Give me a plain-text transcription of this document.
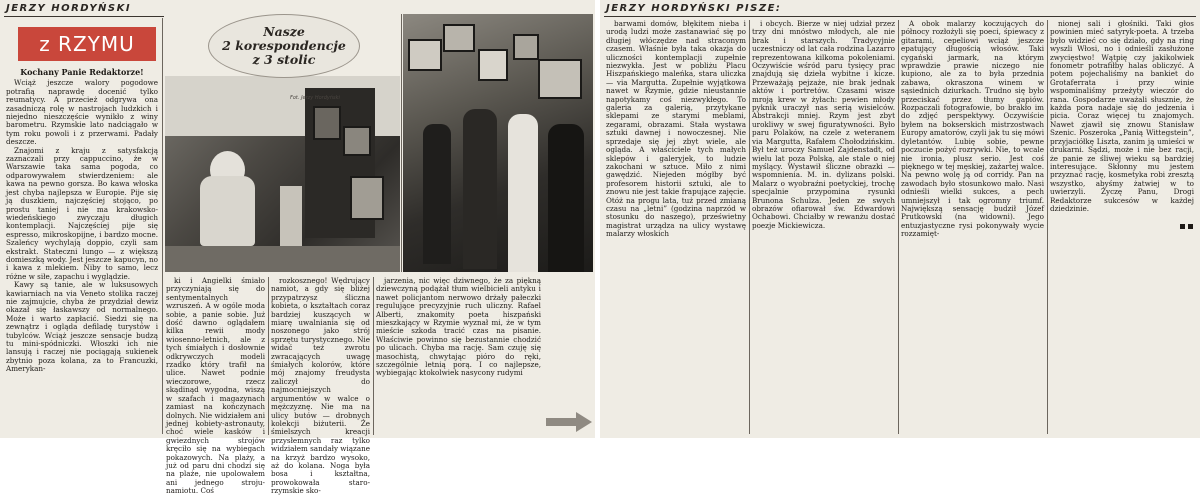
JERZY HORDYŃSKI
z RZYMU
Kochany Panie Redaktorze!

Wciąż jeszcze walory pogodowe potrafią naprawdę docenić tylko reumatycy. A przecież odgrywa ona zasadniczą rolę w nastrojach ludzkich i niejedno nieszczęście wynikło z winy barometru. Rzymskie lato nadciągało w tym roku powoli i z przerwami. Padały deszcze.

Znajomi z kraju z satysfakcją zaznaczali przy cappuccino, że w Warszawie taka sama pogoda, co odparowywałem stwierdzeniem: ale kawa na pewno gorsza. Bo kawa włoska jest chyba najlepsza w Europie. Pije się ją duszkiem, najczęściej stojąco, po prostu taniej i nie ma krakowsko-wiedeńskiego zwyczaju długich kontemplacji. Najczęściej pije się espresso, mikroskopijne, i bardzo mocne. Szaleńcy wychylają doppio, czyli sam ekstrakt. Stateczni lungo — z większą domieszką wody. Jest jeszcze kapucyn, no i kawa z mlekiem. Niby to samo, lecz różne w siłe, zapachu i wyglądzie.

Kawy są tanie, ale w luksusowych kawiarniach na via Veneto stolika raczej nie zajmujcie, chyba że przydział dewiz okazał się łaskawszy od normalnego. Może i warto zapłacić. Siedzi się na zewnątrz i ogląda defiladę turystów i tubylców. Wciąż jeszcze sensacje budzą tu mini-spódniczki. Włoszki ich nie lansują i raczej nie pociągają sukienek zbytnio poza kolana, za to Francuzki, Amerykan-

Fot. Jerzy Hordyński
Nasze
2 korespondencje
z 3 stolic

ki i Angielki śmiało przyczyniają się do sentymentalnych wzruszeń. A w ogóle moda sobie, a panie sobie. Już dość dawno oglądałem kilka rewii mody wiosenno-letnich, ale z tych śmiałych i dosłownie odkrywczych modeli rzadko który trafił na ulice. Nawet podnie wieczorowe, rzecz skądinąd wygodna, wiszą w szafach i magazynach zamiast na kończynach dolnych. Nie widziałem ani jednej kobiety-astronauty, choć wiele kasków i gwiezdnych strojów kręciło się na wybiegach pokazowych. Na plaży, a już od paru dni chodzi się na plaże, nie upolowałem ani jednego stroju-namiotu. Coś

rozkosznego! Wędrujący namiot, a gdy się bliżej przypatrzysz śliczna kobieta, o kształtach coraz bardziej kuszących w miarę uwalniania się od noszonego jako strój sprzętu turystycznego. Nie widać też zwrotu zwracających uwagę śmiałych kolorów, które mój znajomy freudysta zaliczył do najmocniejszych argumentów w walce o mężczyznę. Nie ma na ulicy butów — drobnych kolekcji biżuterii. Że śmielszych kreacji przysłemnych raz tylko widziałem sandały wiązane na krzyż bardzo wysoko, aż do kolana. Noga była bosa i kształtna, prowokowała starorzymskie sko-

jarzenia, nic więc dziwnego, że za piękną dziewczyną podążał tłum wielbicieli antyku i nawet policjantom nerwowo drżały pałeczki regulujące precyzyjnie ruch uliczny. Rafael Alberti, znakomity poeta hiszpański mieszkający w Rzymie wyznał mi, że w tym mieście szkoda tracić czas na pisanie. Właściwie powinno się bezustannie chodzić po ulicach. Chyba ma rację. Sam czuję się masochistą, chwytając pióro do ręki, szczególnie letnią porą. I co najlepsze, wybiegając ktokolwiek nasycony rudymi

JERZY HORDYŃSKI PISZE:

barwami domów, błękitem nieba i urodą ludzi może zastanawiać się po długiej włóczędze nad straconym czasem. Właśnie była taka okazja do uliczności kontemplacji zupełnie niezwykła. Jest w pobliżu Placu Hiszpańskiego maleńka, stara uliczka — via Margutta. Zupełnie wyjątkowa nawet w Rzymie, gdzie nieustannie napotykamy coś niezwykłego. To galeria za galerią, przytykane sklepami ze starymi meblami, zegarami, obrazami. Stała wystawa sztuki dawnej i nowoczesnej. Nie sprzedaje się jej zbyt wiele, ale ogląda. A właściciele tych małych sklepów i galeryjek, to ludzie zakochani w sztuce. Miło z nimi gawędzić. Niejeden mógłby być profesorem historii sztuki, ale to znowu nie jest takie frapujące zajęcie. Otóż na progu lata, tuż przed zmianą czasu na „letni” (godzina naprzód w stosunku do naszego), prześwietny magistrat urządza na ulicy wystawę malarzy włoskich

i obcych. Bierze w niej udział przez trzy dni mnóstwo młodych, ale nie brak i starszych. Tradycyjnie uczestniczy od lat cała rodzina Lazarro reprezentowana kilkoma pokoleniami. Oczywiście wśród paru tysięcy prac znajdują się dzieła wybitne i kicze. Przeważają pejzaże, nie brak jednak aktów i portretów. Czasami wisze mroją krew w żyłach: pewien młody pyknik uraczył nas serią wisielców. Abstrakcji mniej. Rzym jest zbyt urokliwy w swej figuratywności. Było paru Polaków, na czele z weteranem via Margutta, Rafałem Chołodzińskim. Był też uroczy Samuel Zajdenstadt, od wielu lat poza Polską, ale stale o niej myślący. Wystawił śliczne obrazki — wspomnienia. M. in. dylizans polski. Malarz o wyobraźni poetyckiej, trochę specjalnie przypomina rysunki Brunona Schulza. Jeden ze swych obrazów ofiarował św. Edwardowi Ochabowi. Chciałby w rewanżu dostać poezje Mickiewicza.

A obok malarzy koczujących do północy rozłożyli się poeci, śpiewacy z gitarami, cepeliowi wciąż jeszcze epatujący długością włosów. Taki cygański jarmark, na którym wprawdzie prawie niczego nie kupiono, ale za to była przednia zabawa, okraszona winem w sąsiednich dziurkach. Trudno się było przeciskać przez tłumy gapiów. Rozpaczali fotografowie, bo brakło im do zdjęć perspektywy. Oczywiście byłem na bokserskich mistrzostwach Europy amatorów, czyli jak tu się mówi dyletantów. Lubię sobie, pewne poczucie pożyć rozrywki. Nie, to wcale nie ironia, plusz serio. Jest coś pięknego w tej męskiej, zażartej walce. Na pewno wolę ją od corridy. Pan na zawodach było stosunkowo mało. Nasi odnieśli wielki sukces, a pech umniejszył i tak ogromny triumf. Największą sensację budził Józef Prutkowski (na widowni). Jego entuzjastyczne rysi pokonywały wycie rozzamięt-

nionej sali i głośniki. Taki głos powinien mieć satyryk-poeta. A trzeba było widzieć co się działo, gdy na ring wyszli Włosi, no i odnieśli zasłużone zwycięstwo! Wątpię czy jakikolwiek fonometr potrafiłby halas obliczyć. A potem pojechaliśmy na bankiet do Grotaferrata i przy winie wspominaliśmy przeżyty wieczór do rana. Gospodarze uważali słusznie, że każda pora nadaje się do jedzenia i picia. Coraz więcej tu znajomych. Nawet zjawił się znowu Stanisław Szenic. Poszeroka „Panią Wittegstein”, przyjaciółkę Liszta, zanim ją umieści w drukarni. Sądzi, może i nie bez racji, że panie ze śliwej wieku są bardziej interesujące. Skłonny mu jestem przyznać rację, kosmetyka robi zresztą wszystko, abyśmy żatwiej w to uwierzyli. Życzę Panu, Drogi Redaktorze sukcesów w każdej dziedzinie.
